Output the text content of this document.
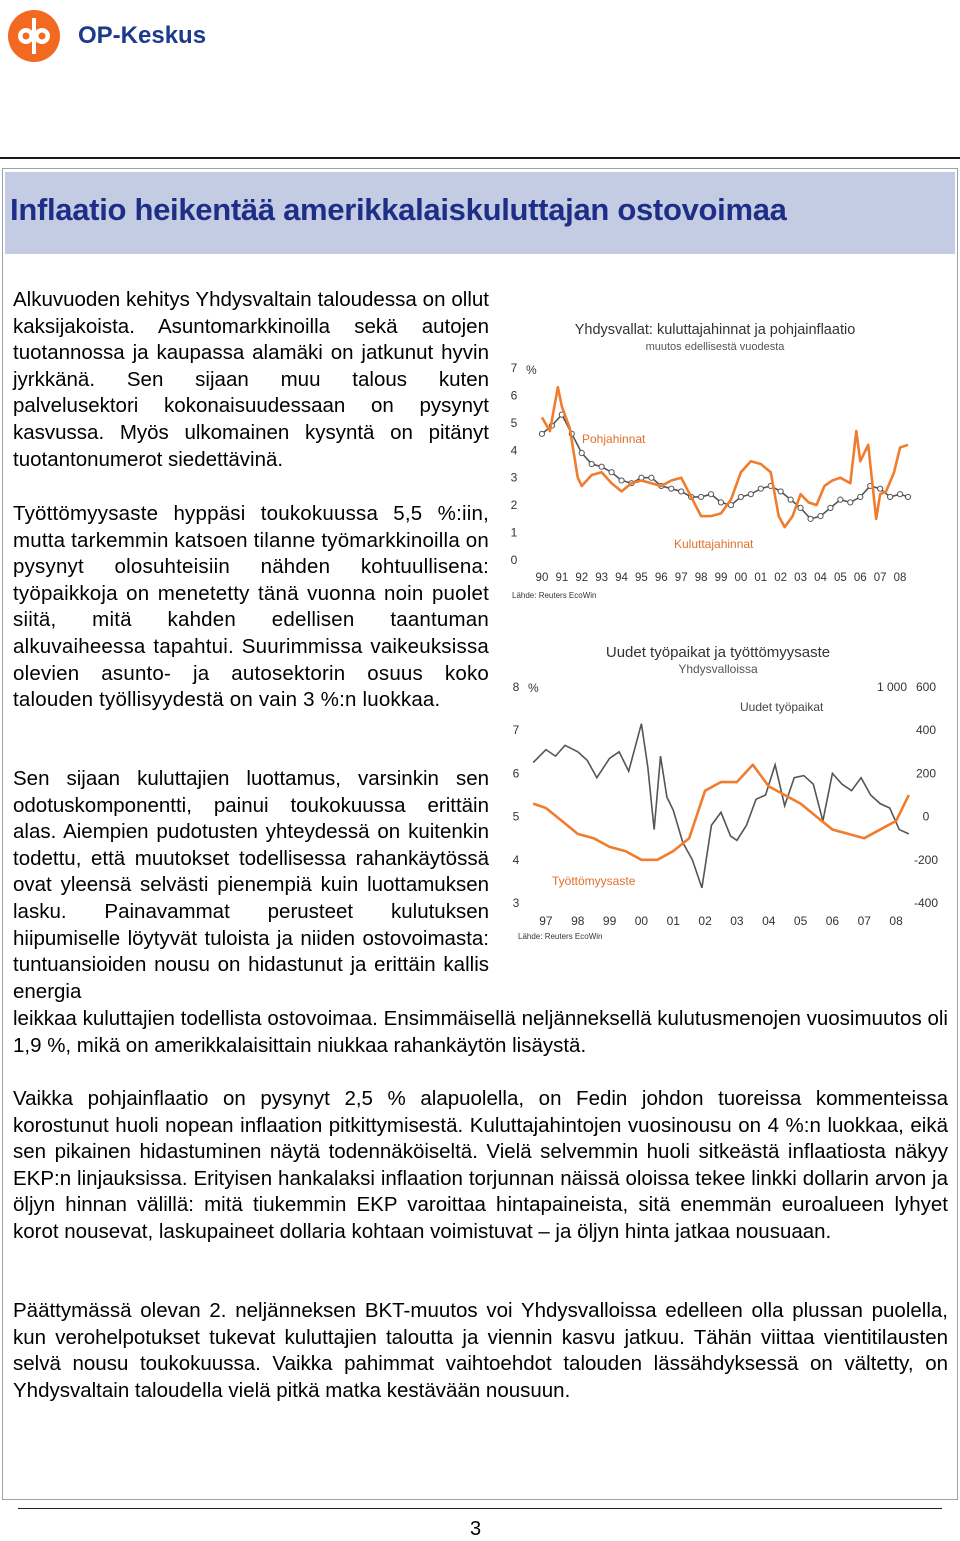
OP-Keskus
Inflaatio heikentää amerikkalaiskuluttajan ostovoimaa
Alkuvuoden kehitys Yhdysvaltain taloudessa on ollut kaksijakoista. Asuntomarkkinoilla sekä autojen tuotannossa ja kaupassa alamäki on jatkunut hyvin jyrkkänä. Sen sijaan muu talous kuten palvelusektori kokonaisuudessaan on pysynyt kasvussa. Myös ulkomainen kysyntä on pitänyt tuotantonumerot siedettävinä.
Työttömyysaste hyppäsi toukokuussa 5,5 %:iin, mutta tarkemmin katsoen tilanne työmarkkinoilla on pysynyt olosuhteisiin nähden kohtuullisena: työpaikkoja on menetetty tänä vuonna noin puolet siitä, mitä kahden edellisen taantuman alkuvaiheessa tapahtui. Suurimmissa vaikeuksissa olevien asunto- ja autosektorin osuus koko talouden työllisyydestä on vain 3 %:n luokkaa.
Sen sijaan kuluttajien luottamus, varsinkin sen odotuskomponentti, painui toukokuussa erittäin alas. Aiempien pudotusten yhteydessä on kuitenkin todettu, että muutokset todellisessa rahankäytössä ovat yleensä selvästi pienempiä kuin luottamuksen lasku. Painavammat perusteet kulutuksen hiipumiselle löytyvät tuloista ja niiden ostovoimasta: tuntuansioiden nousu on hidastunut ja erittäin kallis energia
leikkaa kuluttajien todellista ostovoimaa. Ensimmäisellä neljänneksellä kulutusmenojen vuosimuutos oli 1,9 %, mikä on amerikkalaisittain niukkaa rahankäytön lisäystä.
Vaikka pohjainflaatio on pysynyt 2,5 % alapuolella, on Fedin johdon tuoreissa kommenteissa korostunut huoli nopean inflaation pitkittymisestä. Kuluttajahintojen vuosinousu on 4 %:n luokkaa, eikä sen pikainen hidastuminen näytä todennäköiseltä. Vielä selvemmin huoli sitkeästä inflaatiosta näkyy EKP:n linjauksissa. Erityisen hankalaksi inflaation torjunnan näissä oloissa tekee linkki dollarin arvon ja öljyn hinnan välillä: mitä tiukemmin EKP varoittaa hintapaineista, sitä enemmän euroalueen lyhyet korot nousevat, laskupaineet dollaria kohtaan voimistuvat – ja öljyn hinta jatkaa nousuaan.
Päättymässä olevan 2. neljänneksen BKT-muutos voi Yhdysvalloissa edelleen olla plussan puolella, kun verohelpotukset tukevat kuluttajien taloutta ja viennin kasvu jatkuu. Tähän viittaa vientitilausten selvä nousu toukokuussa. Vaikka pahimmat vaihtoehdot talouden lässähdyksessä on vältetty, on Yhdysvaltain taloudella vielä pitkä matka kestävään nousuun.
Yhdysvallat: kuluttajahinnat ja pohjainflaatio
muutos edellisestä vuodesta
%
0
1
2
3
4
5
6
7
90 91 92 93 94 95 96 97 98 99 00 01 02 03 04 05 06 07 08
Pohjahinnat
Kuluttajahinnat
Lähde: Reuters EcoWin
Uudet työpaikat ja työttömyysaste
Yhdysvalloissa
%	1 000
3
4
5
6
7
8
-400
-200
0
200
400
600
97 98 99 00 01 02 03 04 05 06 07 08
Uudet työpaikat
Työttömyysaste
Lähde: Reuters EcoWin
3
